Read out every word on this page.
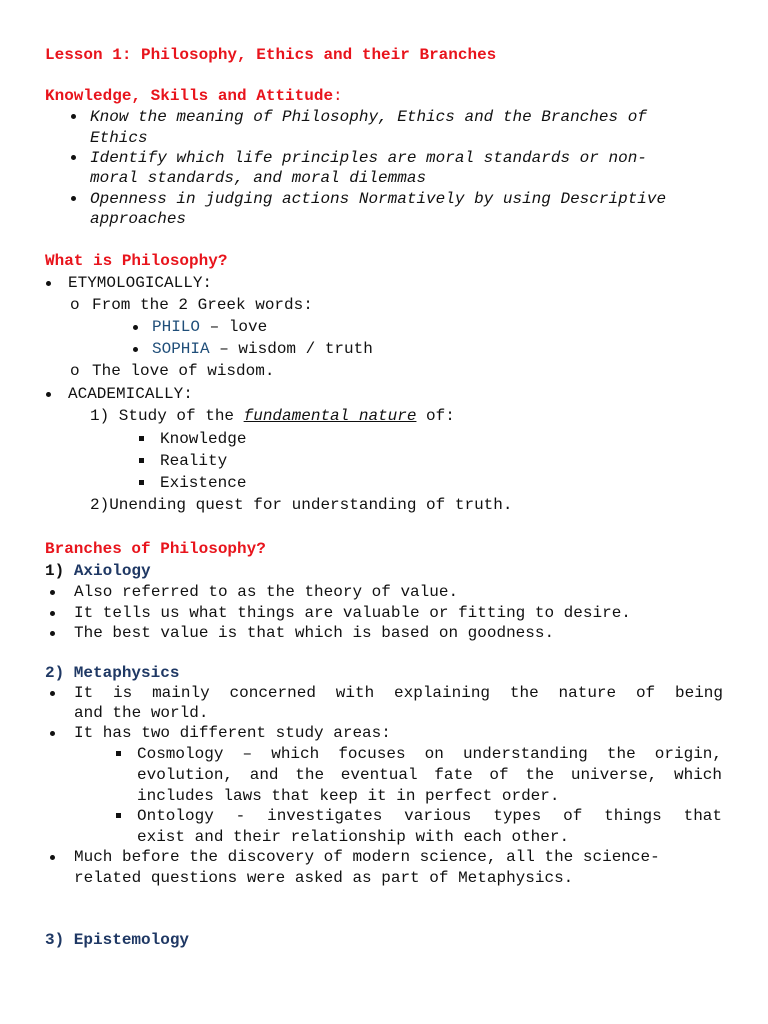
Lesson 1: Philosophy, Ethics and their Branches
Knowledge, Skills and Attitude:
Know the meaning of Philosophy, Ethics and the Branches of
Ethics
Identify which life principles are moral standards or non-
moral standards, and moral dilemmas
Openness in judging actions Normatively by using Descriptive
approaches
What is Philosophy?
ETYMOLOGICALLY:
o From the 2 Greek words:
PHILO – love
SOPHIA – wisdom / truth
o The love of wisdom.
ACADEMICALLY:
1) Study of the fundamental nature of:
Knowledge
Reality
Existence
2)Unending quest for understanding of truth.
Branches of Philosophy?
1) Axiology
Also referred to as the theory of value.
It tells us what things are valuable or fitting to desire.
The best value is that which is based on goodness.
2) Metaphysics
It is mainly concerned with explaining the nature of being
and the world.
It has two different study areas:
Cosmology – which focuses on understanding the origin,
evolution, and the eventual fate of the universe, which
includes laws that keep it in perfect order.
Ontology - investigates various types of things that
exist and their relationship with each other.
Much before the discovery of modern science, all the science-
related questions were asked as part of Metaphysics.
3) Epistemology
